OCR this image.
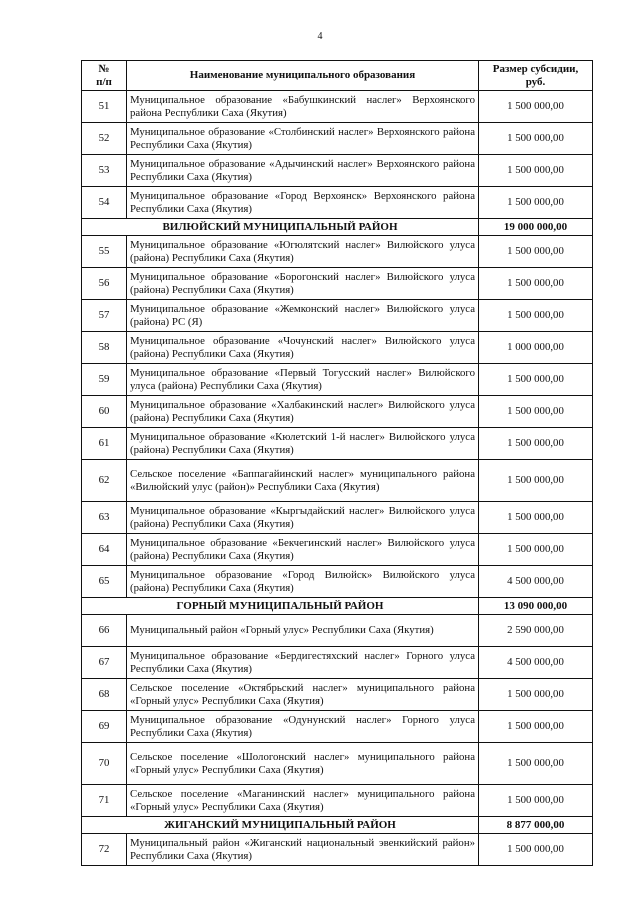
4
№
п/п	Наименование муниципального образования	Размер субсидии, руб.
51	Муниципальное образование «Бабушкинский наслег» Верхоянского района Республики Саха (Якутия)	1 500 000,00
52	Муниципальное образование «Столбинский наслег» Верхоянского района Республики Саха (Якутия)	1 500 000,00
53	Муниципальное образование «Адычинский наслег» Верхоянского района Республики Саха (Якутия)	1 500 000,00
54	Муниципальное образование «Город Верхоянск» Верхоянского района Республики Саха (Якутия)	1 500 000,00
ВИЛЮЙСКИЙ МУНИЦИПАЛЬНЫЙ РАЙОН		19 000 000,00
55	Муниципальное образование «Югюлятский наслег» Вилюйского улуса (района) Республики Саха (Якутия)	1 500 000,00
56	Муниципальное образование «Борогонский наслег» Вилюйского улуса (района) Республики Саха (Якутия)	1 500 000,00
57	Муниципальное образование «Жемконский наслег» Вилюйского улуса (района) РС (Я)	1 500 000,00
58	Муниципальное образование «Чочунский наслег» Вилюйского улуса (района) Республики Саха (Якутия)	1 000 000,00
59	Муниципальное образование «Первый Тогусский наслег» Вилюйского улуса (района) Республики Саха (Якутия)	1 500 000,00
60	Муниципальное образование «Халбакинский наслег» Вилюйского улуса (района) Республики Саха (Якутия)	1 500 000,00
61	Муниципальное образование «Кюлетский 1-й наслег» Вилюйского улуса (района) Республики Саха (Якутия)	1 500 000,00
62	Сельское поселение «Баппагайинский наслег» муниципального района «Вилюйский улус (район)» Республики Саха (Якутия)	1 500 000,00
63	Муниципальное образование «Кыргыдайский наслег» Вилюйского улуса (района) Республики Саха (Якутия)	1 500 000,00
64	Муниципальное образование «Бекчегинский наслег» Вилюйского улуса (района) Республики Саха (Якутия)	1 500 000,00
65	Муниципальное образование «Город Вилюйск» Вилюйского улуса (района) Республики Саха (Якутия)	4 500 000,00
ГОРНЫЙ МУНИЦИПАЛЬНЫЙ РАЙОН		13 090 000,00
66	Муниципальный район «Горный улус» Республики Саха (Якутия)	2 590 000,00
67	Муниципальное образование «Бердигестяхский наслег» Горного улуса Республики Саха (Якутия)	4 500 000,00
68	Сельское поселение «Октябрьский наслег» муниципального района «Горный улус» Республики Саха (Якутия)	1 500 000,00
69	Муниципальное образование «Одунунский наслег» Горного улуса Республики Саха (Якутия)	1 500 000,00
70	Сельское поселение «Шологонский наслег» муниципального района «Горный улус» Республики Саха (Якутия)	1 500 000,00
71	Сельское поселение «Маганинский наслег» муниципального района «Горный улус» Республики Саха (Якутия)	1 500 000,00
ЖИГАНСКИЙ МУНИЦИПАЛЬНЫЙ РАЙОН		8 877 000,00
72	Муниципальный район «Жиганский национальный эвенкийский район» Республики Саха (Якутия)	1 500 000,00
